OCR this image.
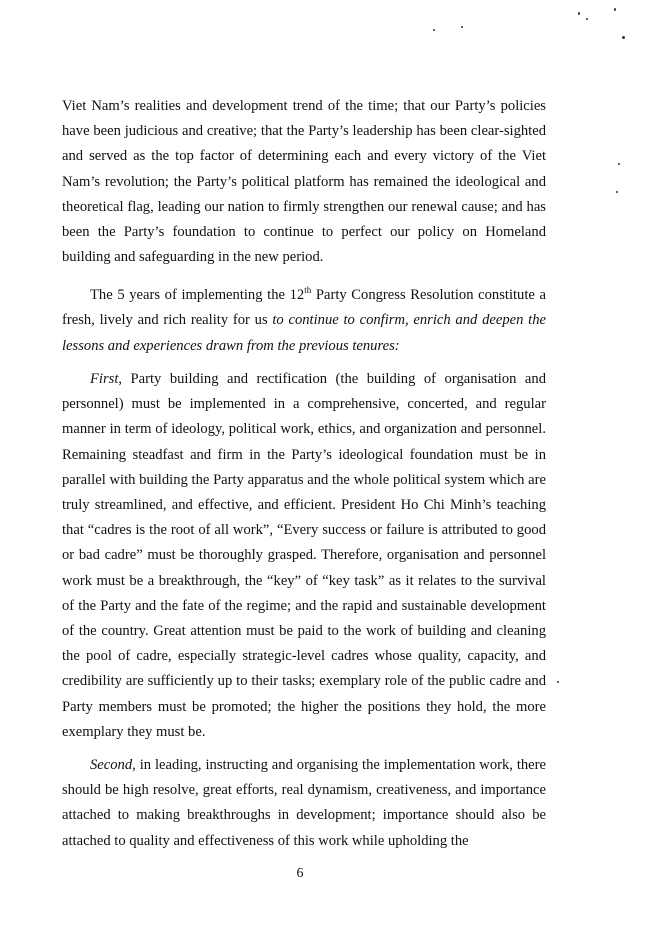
Viet Nam’s realities and development trend of the time; that our Party’s policies have been judicious and creative; that the Party’s leadership has been clear-sighted and served as the top factor of determining each and every victory of the Viet Nam’s revolution; the Party’s political platform has remained the ideological and theoretical flag, leading our nation to firmly strengthen our renewal cause; and has been the Party’s foundation to continue to perfect our policy on Homeland building and safeguarding in the new period.

The 5 years of implementing the 12th Party Congress Resolution constitute a fresh, lively and rich reality for us to continue to confirm, enrich and deepen the lessons and experiences drawn from the previous tenures:

First, Party building and rectification (the building of organisation and personnel) must be implemented in a comprehensive, concerted, and regular manner in term of ideology, political work, ethics, and organization and personnel. Remaining steadfast and firm in the Party’s ideological foundation must be in parallel with building the Party apparatus and the whole political system which are truly streamlined, and effective, and efficient. President Ho Chi Minh’s teaching that “cadres is the root of all work”, “Every success or failure is attributed to good or bad cadre” must be thoroughly grasped. Therefore, organisation and personnel work must be a breakthrough, the “key” of “key task” as it relates to the survival of the Party and the fate of the regime; and the rapid and sustainable development of the country. Great attention must be paid to the work of building and cleaning the pool of cadre, especially strategic-level cadres whose quality, capacity, and credibility are sufficiently up to their tasks; exemplary role of the public cadre and Party members must be promoted; the higher the positions they hold, the more exemplary they must be.

Second, in leading, instructing and organising the implementation work, there should be high resolve, great efforts, real dynamism, creativeness, and importance attached to making breakthroughs in development; importance should also be attached to quality and effectiveness of this work while upholding the

6
